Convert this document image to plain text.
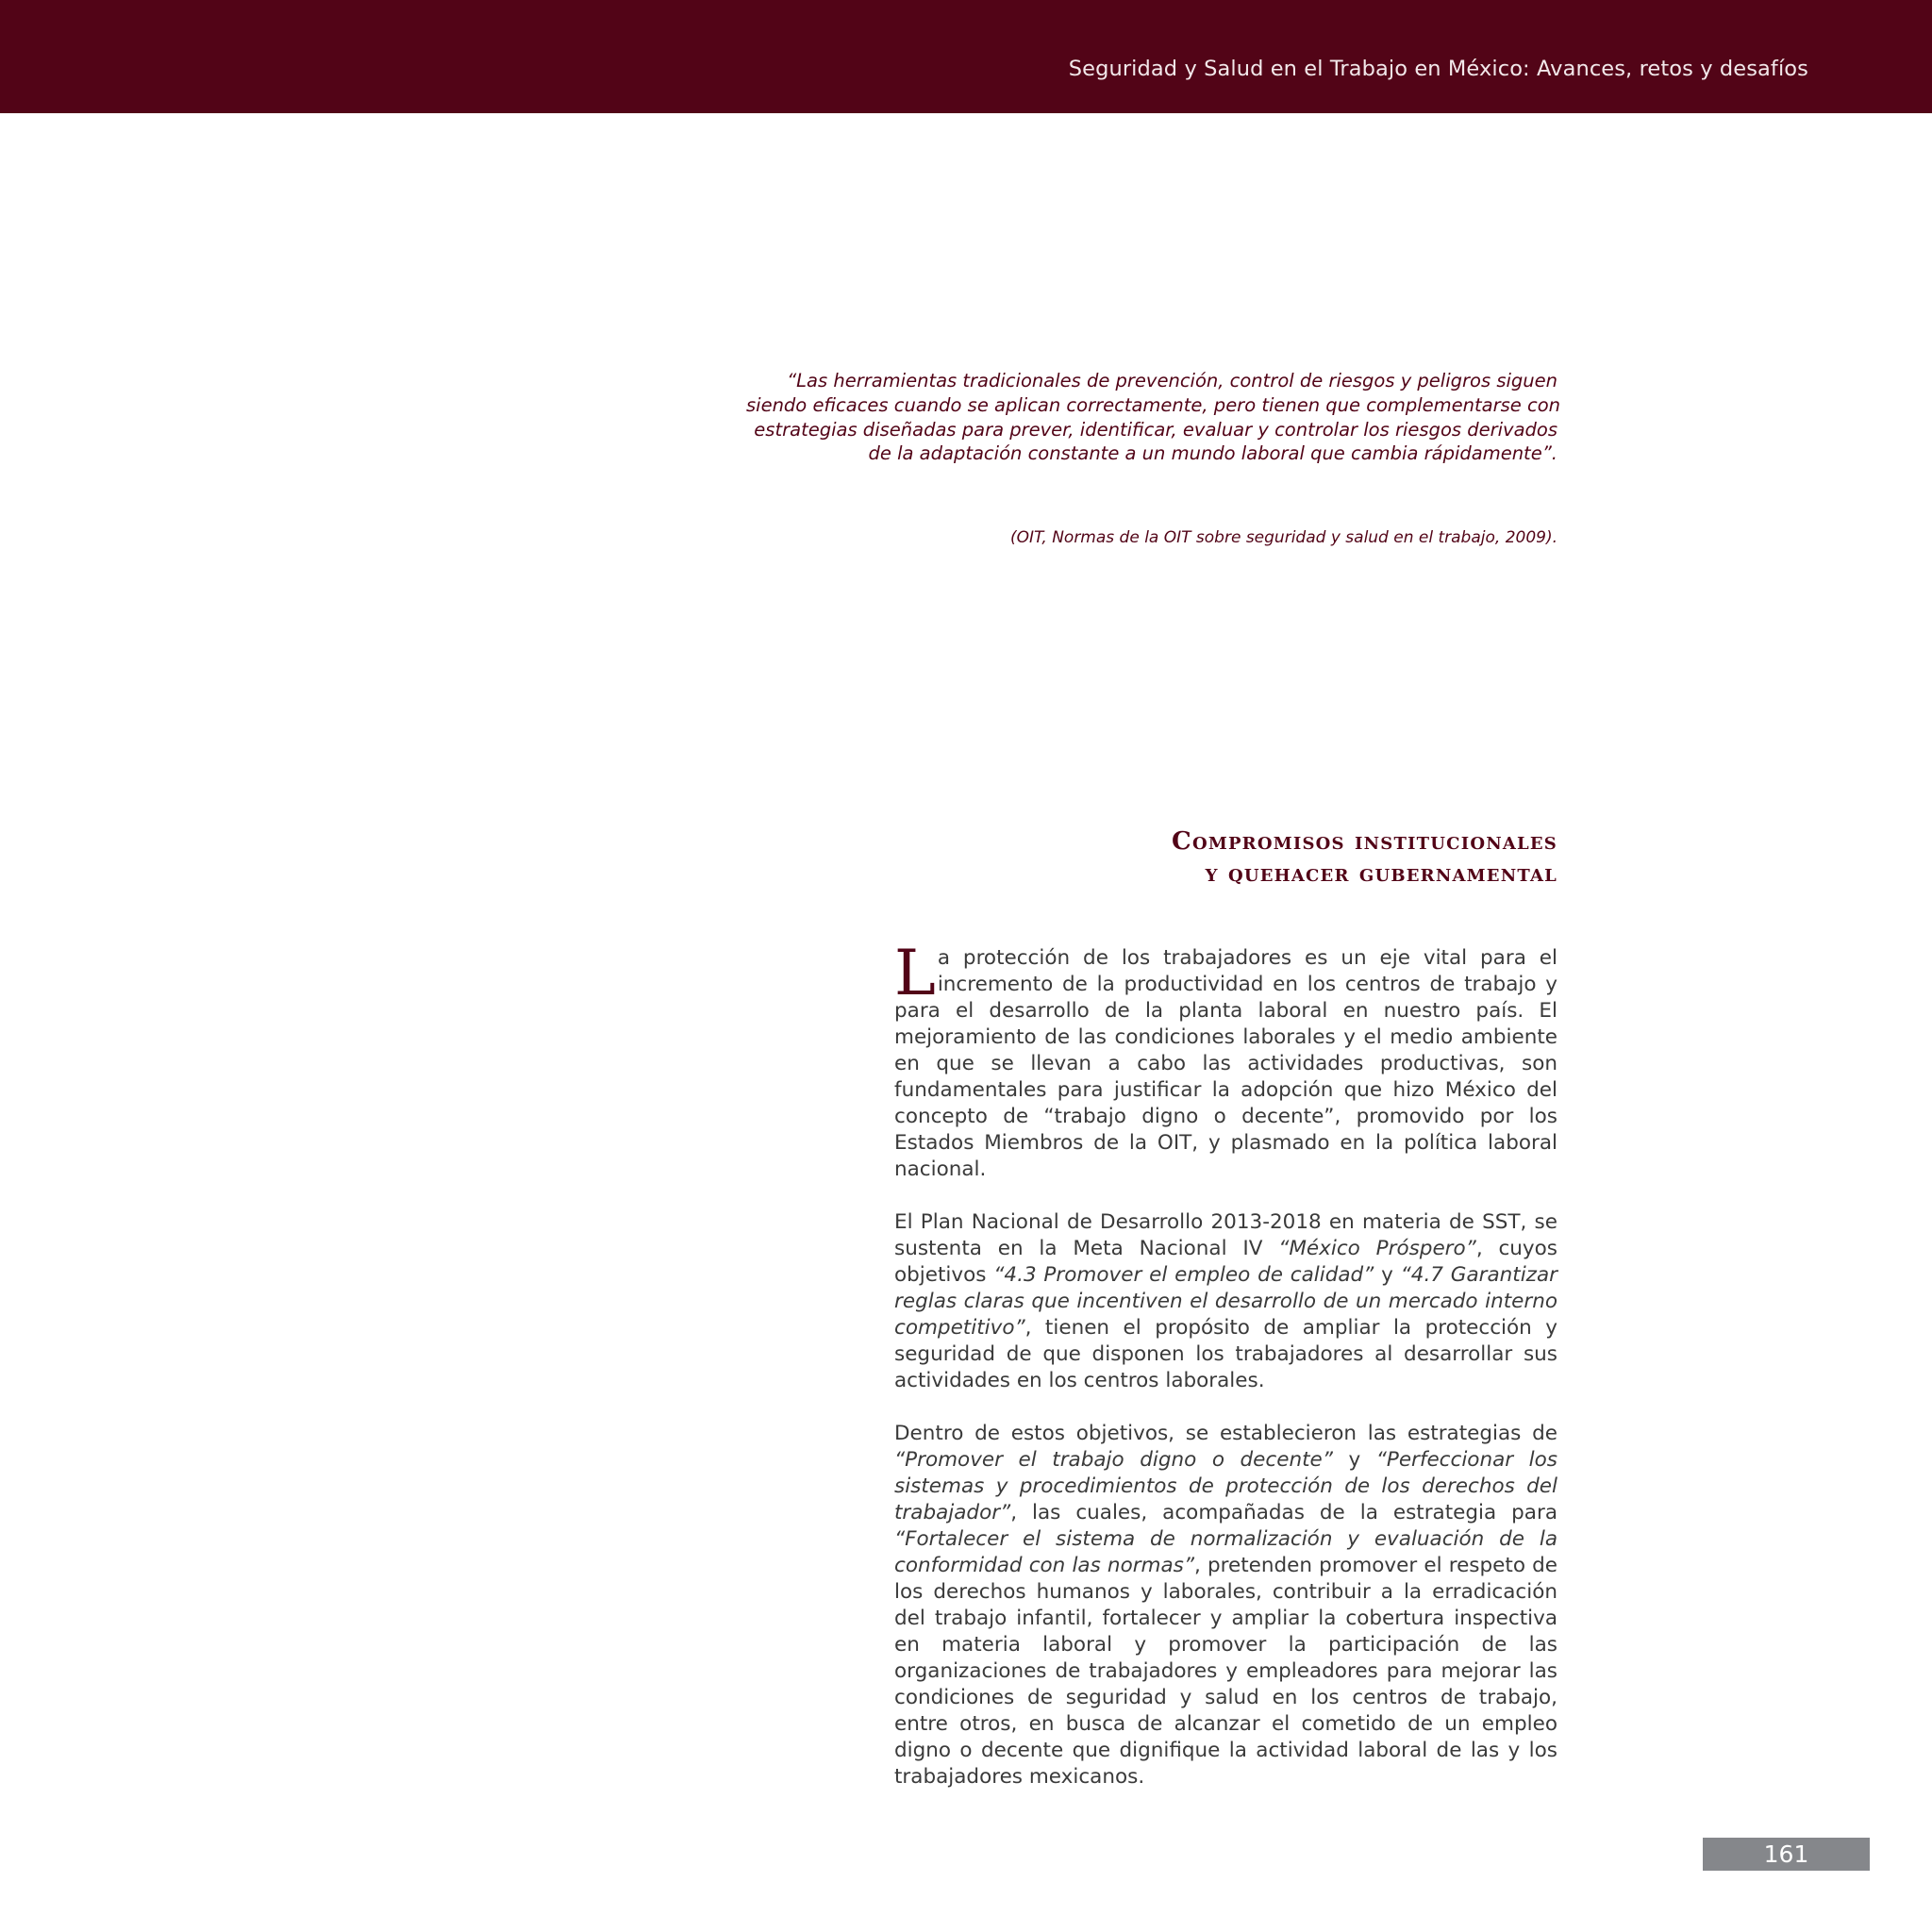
Seguridad y Salud en el Trabajo en México: Avances, retos y desafíos
“Las herramientas tradicionales de prevención, control de riesgos y peligros siguen
siendo eficaces cuando se aplican correctamente, pero tienen que complementarse con
estrategias diseñadas para prever, identificar, evaluar y controlar los riesgos derivados
de la adaptación constante a un mundo laboral que cambia rápidamente”.
(OIT, Normas de la OIT sobre seguridad y salud en el trabajo, 2009).
Compromisos institucionales
y quehacer gubernamental

La protección de los trabajadores es un eje vital para el incremento de la productividad en los centros de trabajo y para el desarrollo de la planta laboral en nuestro país. El mejoramiento de las condiciones laborales y el medio ambiente en que se llevan a cabo las actividades productivas, son fundamentales para justificar la adopción que hizo México del concepto de “trabajo digno o decente”, promovido por los Estados Miembros de la OIT, y plasmado en la política laboral nacional.

El Plan Nacional de Desarrollo 2013-2018 en materia de SST, se sustenta en la Meta Nacional IV “México Próspero”, cuyos objetivos “4.3 Promover el empleo de calidad” y “4.7 Garantizar reglas claras que incentiven el desarrollo de un mercado interno competitivo”, tienen el propósito de ampliar la protección y seguridad de que disponen los trabajadores al desarrollar sus actividades en los centros laborales.

Dentro de estos objetivos, se establecieron las estrategias de “Promover el trabajo digno o decente” y “Perfeccionar los sistemas y procedimientos de protección de los derechos del trabajador”, las cuales, acompañadas de la estrategia para “Fortalecer el sistema de normalización y evaluación de la conformidad con las normas”, pretenden promover el respeto de los derechos humanos y laborales, contribuir a la erradicación del trabajo infantil, fortalecer y ampliar la cobertura inspectiva en materia laboral y promover la participación de las organizaciones de trabajadores y empleadores para mejorar las condiciones de seguridad y salud en los centros de trabajo, entre otros, en busca de alcanzar el cometido de un empleo digno o decente que dignifique la actividad laboral de las y los trabajadores mexicanos.

161
